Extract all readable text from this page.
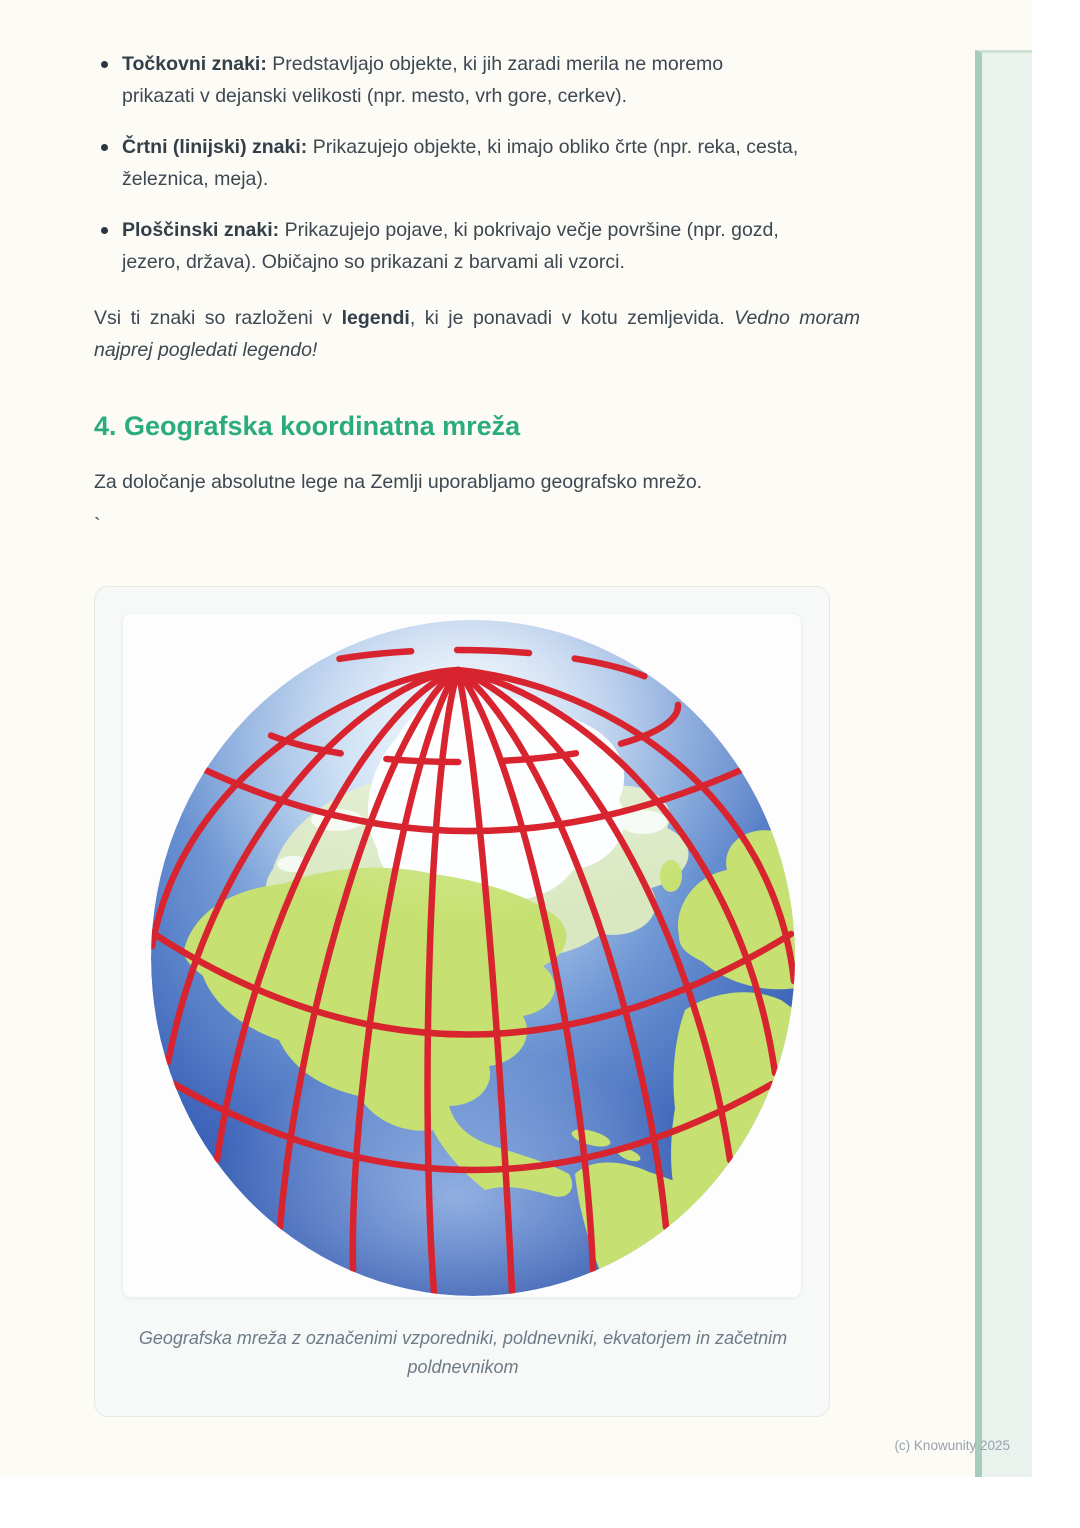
Točkovni znaki: Predstavljajo objekte, ki jih zaradi merila ne moremo prikazati v dejanski velikosti (npr. mesto, vrh gore, cerkev).
Črtni (linijski) znaki: Prikazujejo objekte, ki imajo obliko črte (npr. reka, cesta, železnica, meja).
Ploščinski znaki: Prikazujejo pojave, ki pokrivajo večje površine (npr. gozd, jezero, država). Običajno so prikazani z barvami ali vzorci.

Vsi ti znaki so razloženi v legendi, ki je ponavadi v kotu zemljevida. Vedno moram najprej pogledati legendo!

4. Geografska koordinatna mreža

Za določanje absolutne lege na Zemlji uporabljamo geografsko mrežo.

`

Geografska mreža z označenimi vzporedniki, poldnevniki, ekvatorjem in začetnim poldnevnikom

(c) Knowunity 2025
